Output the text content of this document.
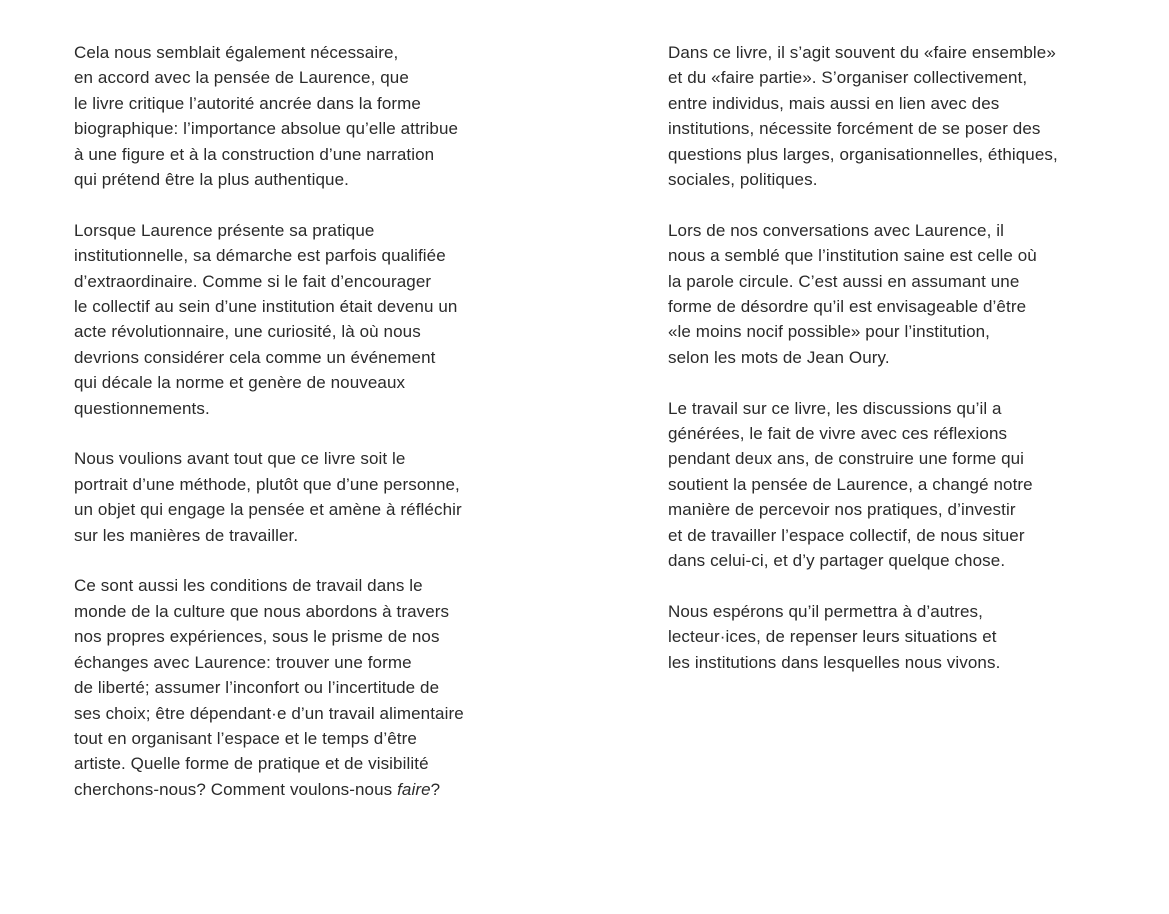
Cela nous semblait également nécessaire,
en accord avec la pensée de Laurence, que
le livre critique l’autorité ancrée dans la forme
biographique: l’importance absolue qu’elle attribue
à une figure et à la construction d’une narration
qui prétend être la plus authentique.

Lorsque Laurence présente sa pratique
institutionnelle, sa démarche est parfois qualifiée
d’extraordinaire. Comme si le fait d’encourager
le collectif au sein d’une institution était devenu un
acte révolutionnaire, une curiosité, là où nous
devrions considérer cela comme un événement
qui décale la norme et genère de nouveaux
questionnements.

Nous voulions avant tout que ce livre soit le
portrait d’une méthode, plutôt que d’une personne,
un objet qui engage la pensée et amène à réfléchir
sur les manières de travailler.

Ce sont aussi les conditions de travail dans le
monde de la culture que nous abordons à travers
nos propres expériences, sous le prisme de nos
échanges avec Laurence: trouver une forme
de liberté; assumer l’inconfort ou l’incertitude de
ses choix; être dépendant·e d’un travail alimentaire
tout en organisant l’espace et le temps d’être
artiste. Quelle forme de pratique et de visibilité
cherchons-nous? Comment voulons-nous faire?

Dans ce livre, il s’agit souvent du «faire ensemble»
et du «faire partie». S’organiser collectivement,
entre individus, mais aussi en lien avec des
institutions, nécessite forcément de se poser des
questions plus larges, organisationnelles, éthiques,
sociales, politiques.

Lors de nos conversations avec Laurence, il
nous a semblé que l’institution saine est celle où
la parole circule. C’est aussi en assumant une
forme de désordre qu’il est envisageable d’être
«le moins nocif possible» pour l’institution,
selon les mots de Jean Oury.

Le travail sur ce livre, les discussions qu’il a
générées, le fait de vivre avec ces réflexions
pendant deux ans, de construire une forme qui
soutient la pensée de Laurence, a changé notre
manière de percevoir nos pratiques, d’investir
et de travailler l’espace collectif, de nous situer
dans celui-ci, et d’y partager quelque chose.

Nous espérons qu’il permettra à d’autres,
lecteur·ices, de repenser leurs situations et
les institutions dans lesquelles nous vivons.
